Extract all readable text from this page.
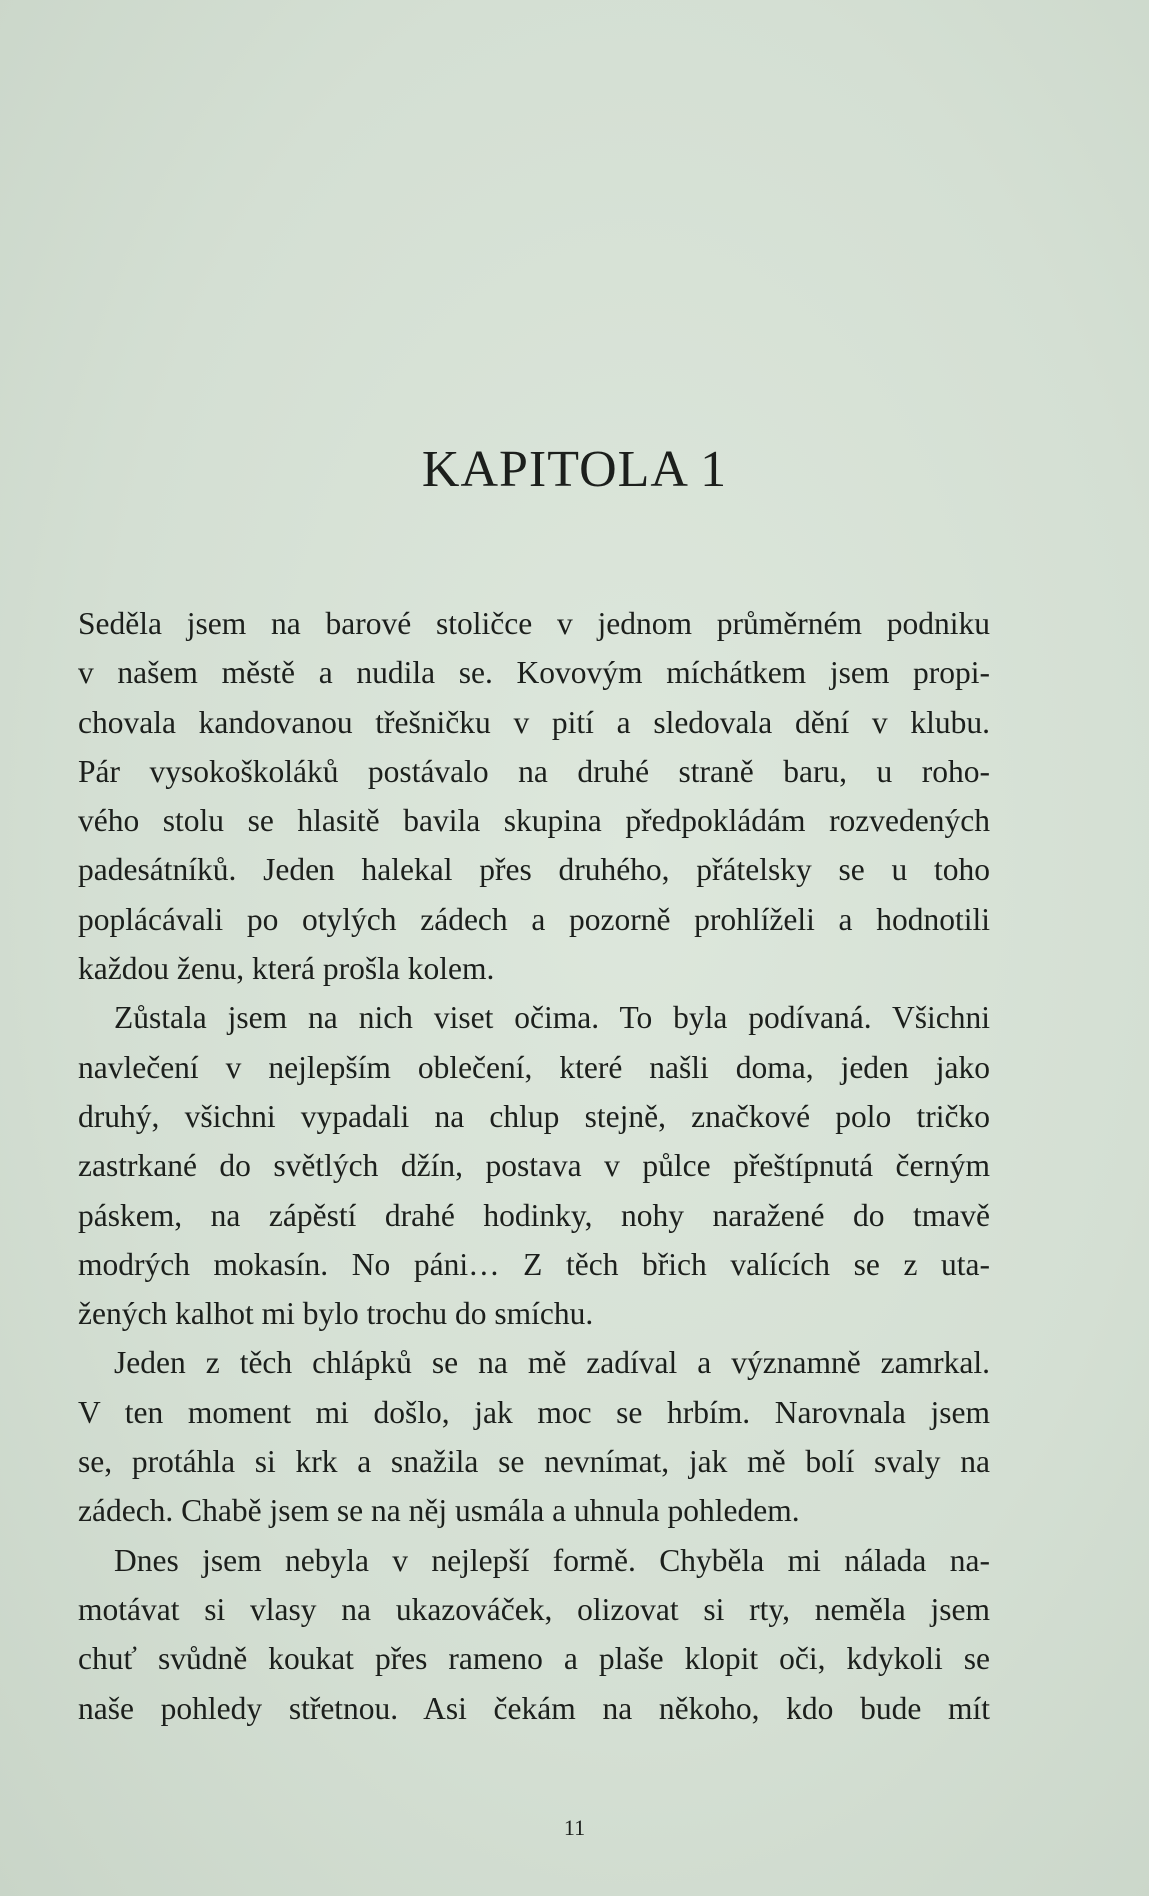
KAPITOLA 1
Seděla jsem na barové stoličce v jednom průměrném podniku
v našem městě a nudila se. Kovovým míchátkem jsem propi-
chovala kandovanou třešničku v pití a sledovala dění v klubu.
Pár vysokoškoláků postávalo na druhé straně baru, u roho-
vého stolu se hlasitě bavila skupina předpokládám rozvedených
padesátníků. Jeden halekal přes druhého, přátelsky se u toho
poplácávali po otylých zádech a pozorně prohlíželi a hodnotili
každou ženu, která prošla kolem.
Zůstala jsem na nich viset očima. To byla podívaná. Všichni
navlečení v nejlepším oblečení, které našli doma, jeden jako
druhý, všichni vypadali na chlup stejně, značkové polo tričko
zastrkané do světlých džín, postava v půlce přeštípnutá černým
páskem, na zápěstí drahé hodinky, nohy naražené do tmavě
modrých mokasín. No páni… Z těch břich valících se z uta-
žených kalhot mi bylo trochu do smíchu.
Jeden z těch chlápků se na mě zadíval a významně zamrkal.
V ten moment mi došlo, jak moc se hrbím. Narovnala jsem
se, protáhla si krk a snažila se nevnímat, jak mě bolí svaly na
zádech. Chabě jsem se na něj usmála a uhnula pohledem.
Dnes jsem nebyla v nejlepší formě. Chyběla mi nálada na-
motávat si vlasy na ukazováček, olizovat si rty, neměla jsem
chuť svůdně koukat přes rameno a plaše klopit oči, kdykoli se
naše pohledy střetnou. Asi čekám na někoho, kdo bude mít
11
